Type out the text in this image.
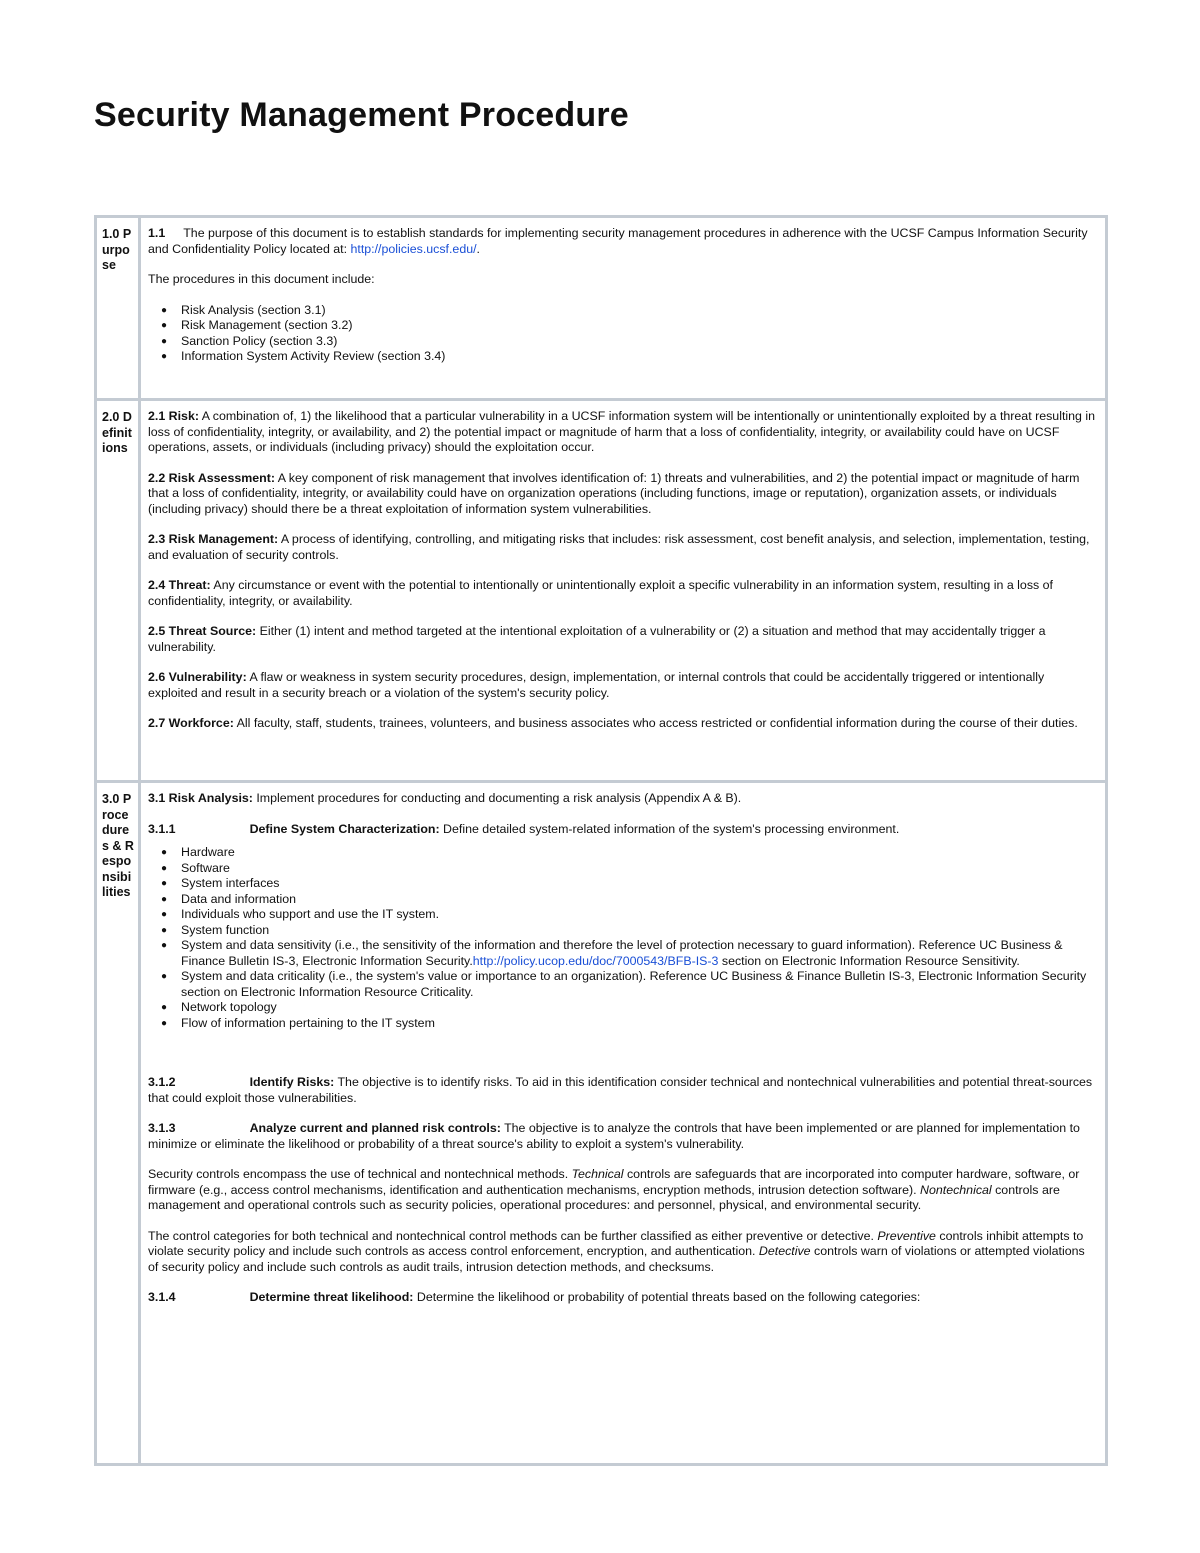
Security Management Procedure
1.0 Purpose

1.1 The purpose of this document is to establish standards for implementing security management procedures in adherence with the UCSF Campus Information Security and Confidentiality Policy located at: http://policies.ucsf.edu/.

The procedures in this document include:

● Risk Analysis (section 3.1)
● Risk Management (section 3.2)
● Sanction Policy (section 3.3)
● Information System Activity Review (section 3.4)
2.0 Definitions

2.1 Risk: A combination of, 1) the likelihood that a particular vulnerability in a UCSF information system will be intentionally or unintentionally exploited by a threat resulting in loss of confidentiality, integrity, or availability, and 2) the potential impact or magnitude of harm that a loss of confidentiality, integrity, or availability could have on UCSF operations, assets, or individuals (including privacy) should the exploitation occur.

2.2 Risk Assessment: A key component of risk management that involves identification of: 1) threats and vulnerabilities, and 2) the potential impact or magnitude of harm that a loss of confidentiality, integrity, or availability could have on organization operations (including functions, image or reputation), organization assets, or individuals (including privacy) should there be a threat exploitation of information system vulnerabilities.

2.3 Risk Management: A process of identifying, controlling, and mitigating risks that includes: risk assessment, cost benefit analysis, and selection, implementation, testing, and evaluation of security controls.

2.4 Threat: Any circumstance or event with the potential to intentionally or unintentionally exploit a specific vulnerability in an information system, resulting in a loss of confidentiality, integrity, or availability.

2.5 Threat Source: Either (1) intent and method targeted at the intentional exploitation of a vulnerability or (2) a situation and method that may accidentally trigger a vulnerability.

2.6 Vulnerability: A flaw or weakness in system security procedures, design, implementation, or internal controls that could be accidentally triggered or intentionally exploited and result in a security breach or a violation of the system's security policy.

2.7 Workforce: All faculty, staff, students, trainees, volunteers, and business associates who access restricted or confidential information during the course of their duties.

3.0 Procedures & Responsibilities

3.1 Risk Analysis: Implement procedures for conducting and documenting a risk analysis (Appendix A & B).

3.1.1	Define System Characterization: Define detailed system-related information of the system's processing environment.

● Hardware
● Software
● System interfaces
● Data and information
● Individuals who support and use the IT system.
● System function
● System and data sensitivity (i.e., the sensitivity of the information and therefore the level of protection necessary to guard information). Reference UC Business & Finance Bulletin IS-3, Electronic Information Security.http://policy.ucop.edu/doc/7000543/BFB-IS-3 section on Electronic Information Resource Sensitivity.
● System and data criticality (i.e., the system's value or importance to an organization). Reference UC Business & Finance Bulletin IS-3, Electronic Information Security section on Electronic Information Resource Criticality.
● Network topology
● Flow of information pertaining to the IT system

3.1.2	Identify Risks: The objective is to identify risks. To aid in this identification consider technical and nontechnical vulnerabilities and potential threat-sources that could exploit those vulnerabilities.

3.1.3	Analyze current and planned risk controls: The objective is to analyze the controls that have been implemented or are planned for implementation to minimize or eliminate the likelihood or probability of a threat source's ability to exploit a system's vulnerability.

Security controls encompass the use of technical and nontechnical methods. Technical controls are safeguards that are incorporated into computer hardware, software, or firmware (e.g., access control mechanisms, identification and authentication mechanisms, encryption methods, intrusion detection software). Nontechnical controls are management and operational controls such as security policies, operational procedures: and personnel, physical, and environmental security.

The control categories for both technical and nontechnical control methods can be further classified as either preventive or detective. Preventive controls inhibit attempts to violate security policy and include such controls as access control enforcement, encryption, and authentication. Detective controls warn of violations or attempted violations of security policy and include such controls as audit trails, intrusion detection methods, and checksums.

3.1.4	Determine threat likelihood: Determine the likelihood or probability of potential threats based on the following categories:
